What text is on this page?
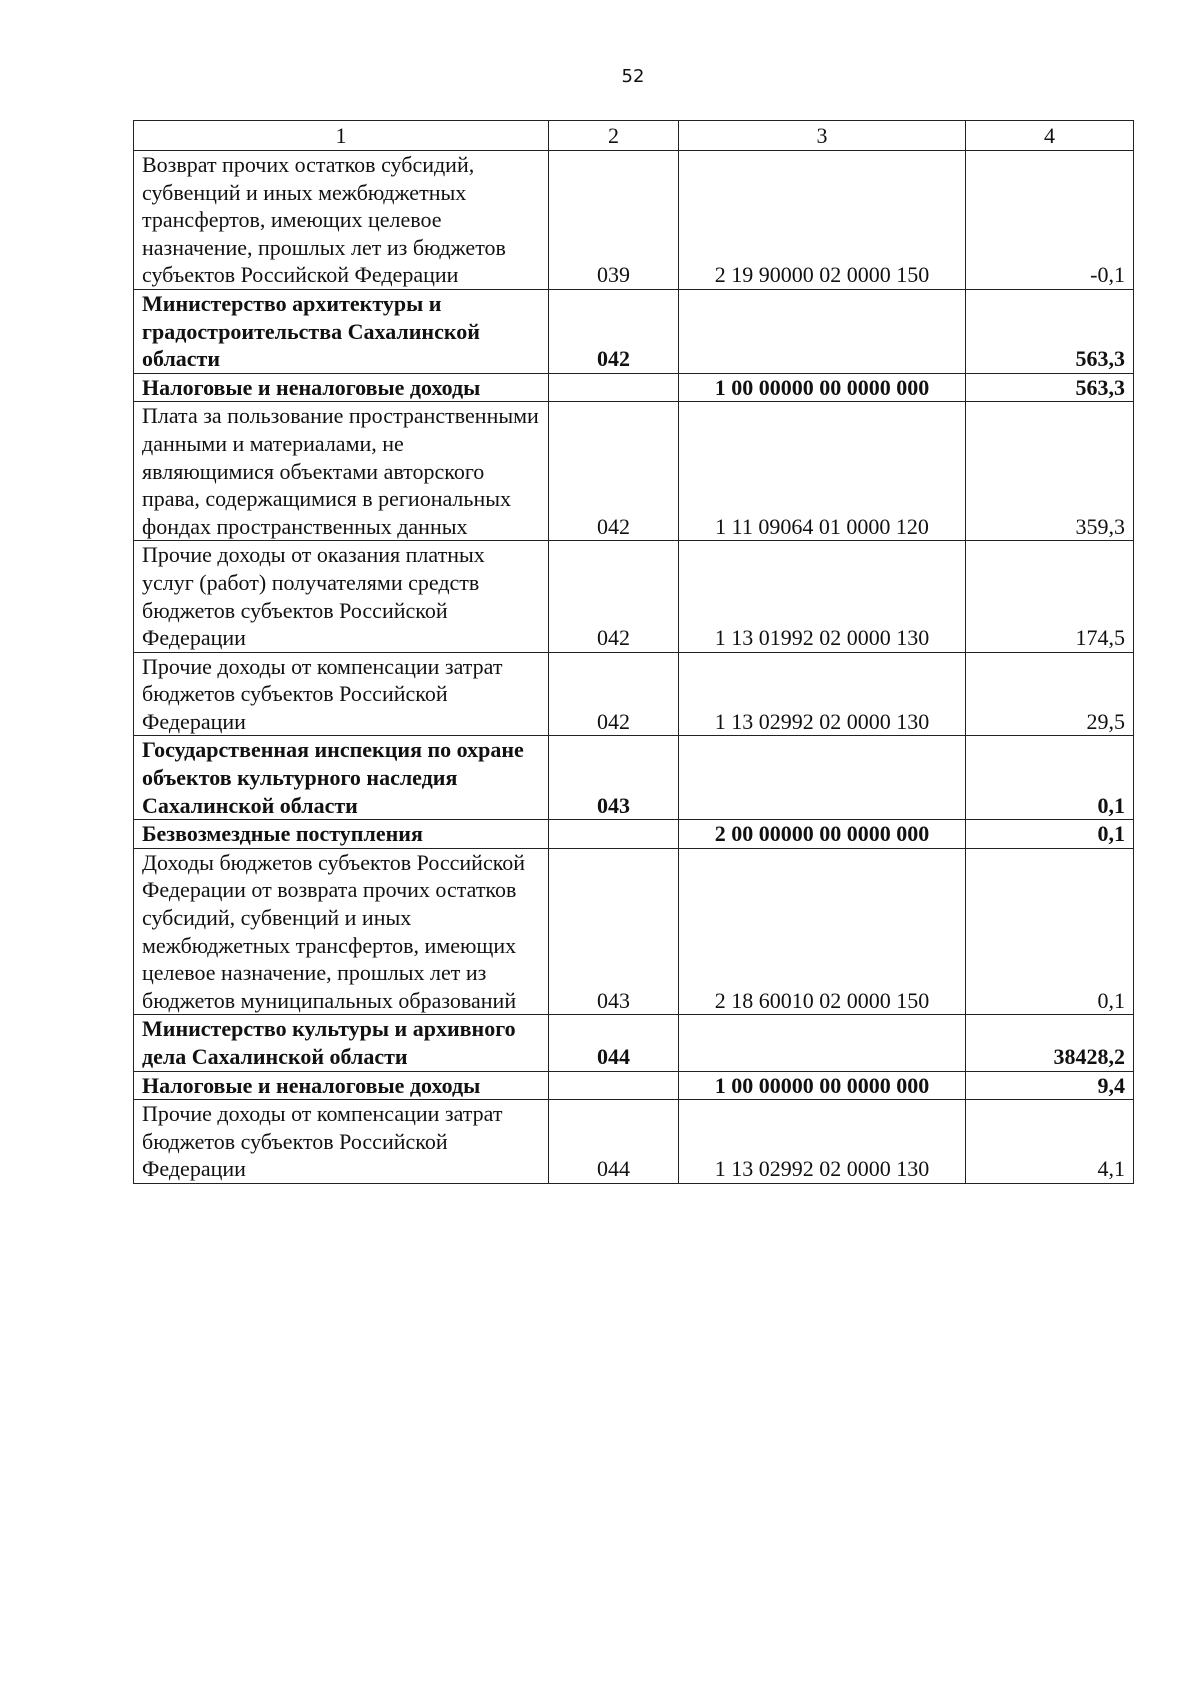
52
1	2	3	4
Возврат прочих остатков субсидий, субвенций и иных межбюджетных трансфертов, имеющих целевое назначение, прошлых лет из бюджетов субъектов Российской Федерации	039	2 19 90000 02 0000 150	-0,1
Министерство архитектуры и градостроительства Сахалинской области	042		563,3
Налоговые и неналоговые доходы		1 00 00000 00 0000 000	563,3
Плата за пользование пространственными данными и материалами, не являющимися объектами авторского права, содержащимися в региональных фондах пространственных данных	042	1 11 09064 01 0000 120	359,3
Прочие доходы от оказания платных услуг (работ) получателями средств бюджетов субъектов Российской Федерации	042	1 13 01992 02 0000 130	174,5
Прочие доходы от компенсации затрат бюджетов субъектов Российской Федерации	042	1 13 02992 02 0000 130	29,5
Государственная инспекция по охране объектов культурного наследия Сахалинской области	043		0,1
Безвозмездные поступления		2 00 00000 00 0000 000	0,1
Доходы бюджетов субъектов Российской Федерации от возврата прочих остатков субсидий, субвенций и иных межбюджетных трансфертов, имеющих целевое назначение, прошлых лет из бюджетов муниципальных образований	043	2 18 60010 02 0000 150	0,1
Министерство культуры и архивного дела Сахалинской области	044		38428,2
Налоговые и неналоговые доходы		1 00 00000 00 0000 000	9,4
Прочие доходы от компенсации затрат бюджетов субъектов Российской Федерации	044	1 13 02992 02 0000 130	4,1
